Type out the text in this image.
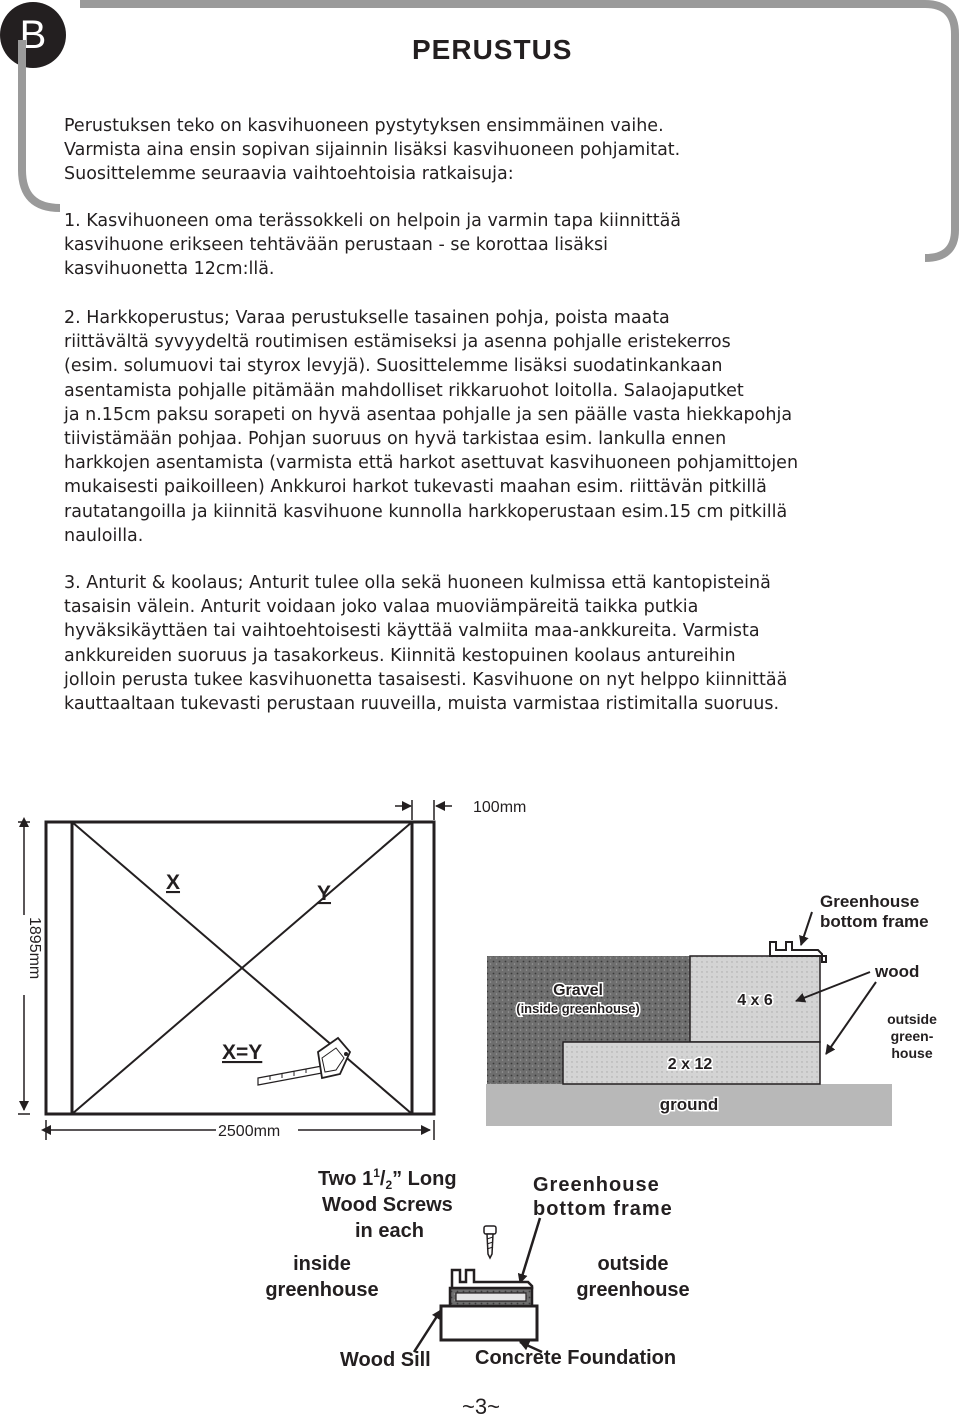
B	PERUSTUS
Perustuksen teko on kasvihuoneen pystytyksen ensimmäinen vaihe.
Varmista aina ensin sopivan sijainnin lisäksi kasvihuoneen pohjamitat.
Suosittelemme seuraavia vaihtoehtoisia ratkaisuja:
1. Kasvihuoneen oma terässokkeli on helpoin ja varmin tapa kiinnittää
kasvihuone erikseen tehtävään perustaan - se korottaa lisäksi
kasvihuonetta 12cm:llä.
2. Harkkoperustus; Varaa perustukselle tasainen pohja, poista maata
riittävältä syvyydeltä routimisen estämiseksi ja asenna pohjalle eristekerros
(esim. solumuovi tai styrox levyjä). Suosittelemme lisäksi suodatinkankaan
asentamista pohjalle pitämään mahdolliset rikkaruohot loitolla. Salaojaputket
ja n.15cm paksu sorapeti on hyvä asentaa pohjalle ja sen päälle vasta hiekkapohja
tiivistämään pohjaa. Pohjan suoruus on hyvä tarkistaa esim. lankulla ennen
harkkojen asentamista (varmista että harkot asettuvat kasvihuoneen pohjamittojen
mukaisesti paikoilleen) Ankkuroi harkot tukevasti maahan esim. riittävän pitkillä
rautatangoilla ja kiinnitä kasvihuone kunnolla harkkoperustaan esim.15 cm pitkillä
nauloilla.
3. Anturit & koolaus; Anturit tulee olla sekä huoneen kulmissa että kantopisteinä
tasaisin välein. Anturit voidaan joko valaa muoviämpäreitä taikka putkia
hyväksikäyttäen tai vaihtoehtoisesti käyttää valmiita maa-ankkureita. Varmista
ankkureiden suoruus ja tasakorkeus. Kiinnitä kestopuinen koolaus antureihin
jolloin perusta tukee kasvihuonetta tasaisesti. Kasvihuone on nyt helppo kiinnittää
kauttaaltaan tukevasti perustaan ruuveilla, muista varmistaa ristimitalla suoruus.
100mm
1895mm
2500mm
X	Y
X=Y
Greenhouse
bottom frame
wood
outside
green-
house
Gravel
(inside greenhouse)	4 x 6
2 x 12
ground
Two $1^1/_2$” Long
Wood Screws
in each
Greenhouse
bottom frame
inside
greenhouse
outside
greenhouse
Wood Sill Concrete Foundation
~3~
